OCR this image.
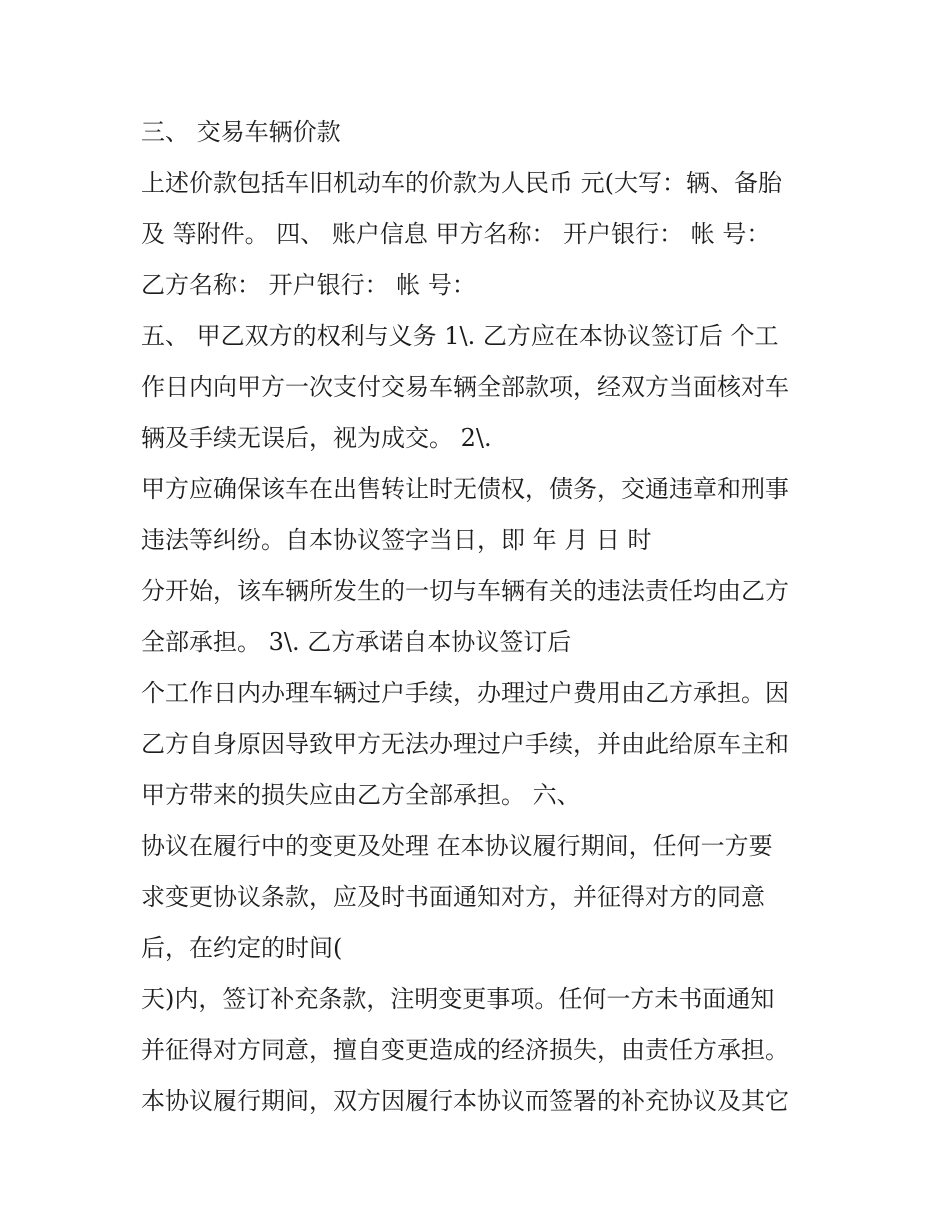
三、 交易车辆价款
上述价款包括车旧机动车的价款为人民币 元(大写：辆、备胎
及 等附件。 四、 账户信息 甲方名称： 开户银行： 帐 号：
乙方名称： 开户银行： 帐 号：
五、 甲乙双方的权利与义务 1\. 乙方应在本协议签订后 个工
作日内向甲方一次支付交易车辆全部款项，经双方当面核对车
辆及手续无误后，视为成交。 2\.
甲方应确保该车在出售转让时无债权，债务，交通违章和刑事
违法等纠纷。自本协议签字当日，即 年 月 日 时
分开始，该车辆所发生的一切与车辆有关的违法责任均由乙方
全部承担。 3\. 乙方承诺自本协议签订后
个工作日内办理车辆过户手续，办理过户费用由乙方承担。因
乙方自身原因导致甲方无法办理过户手续，并由此给原车主和
甲方带来的损失应由乙方全部承担。 六、
协议在履行中的变更及处理 在本协议履行期间，任何一方要
求变更协议条款，应及时书面通知对方，并征得对方的同意
后，在约定的时间(
天)内，签订补充条款，注明变更事项。任何一方未书面通知
并征得对方同意，擅自变更造成的经济损失，由责任方承担。
本协议履行期间，双方因履行本协议而签署的补充协议及其它
